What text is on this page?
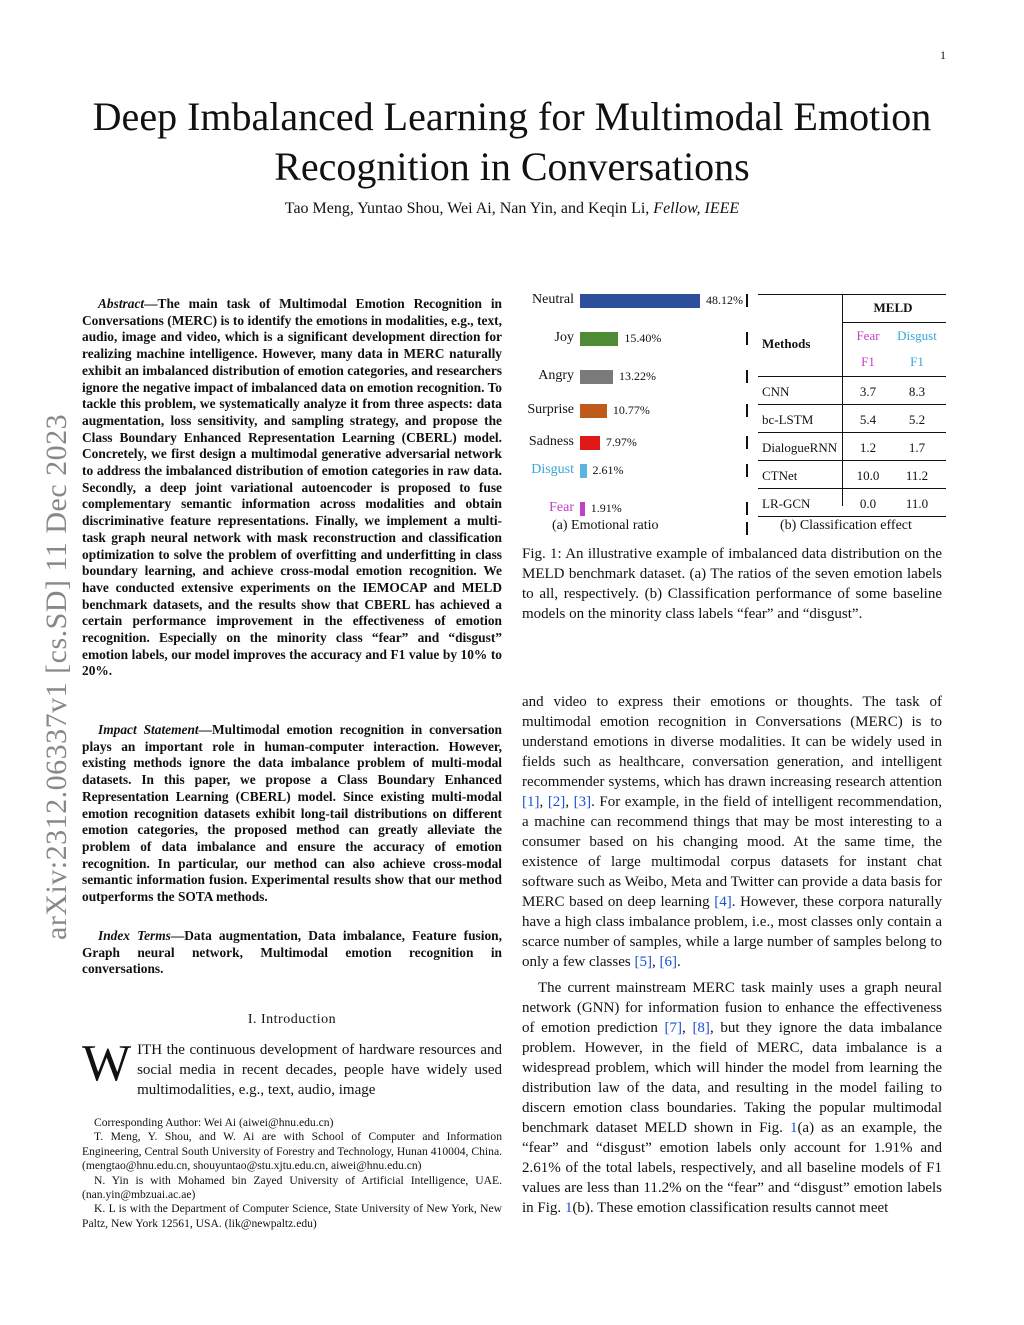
1
Deep Imbalanced Learning for Multimodal Emotion Recognition in Conversations
Tao Meng, Yuntao Shou, Wei Ai, Nan Yin, and Keqin Li, Fellow, IEEE
arXiv:2312.06337v1 [cs.SD] 11 Dec 2023

Abstract—The main task of Multimodal Emotion Recognition in Conversations (MERC) is to identify the emotions in modalities, e.g., text, audio, image and video, which is a significant development direction for realizing machine intelligence. However, many data in MERC naturally exhibit an imbalanced distribution of emotion categories, and researchers ignore the negative impact of imbalanced data on emotion recognition. To tackle this problem, we systematically analyze it from three aspects: data augmentation, loss sensitivity, and sampling strategy, and propose the Class Boundary Enhanced Representation Learning (CBERL) model. Concretely, we first design a multimodal generative adversarial network to address the imbalanced distribution of emotion categories in raw data. Secondly, a deep joint variational autoencoder is proposed to fuse complementary semantic information across modalities and obtain discriminative feature representations. Finally, we implement a multi-task graph neural network with mask reconstruction and classification optimization to solve the problem of overfitting and underfitting in class boundary learning, and achieve cross-modal emotion recognition. We have conducted extensive experiments on the IEMOCAP and MELD benchmark datasets, and the results show that CBERL has achieved a certain performance improvement in the effectiveness of emotion recognition. Especially on the minority class “fear” and “disgust” emotion labels, our model improves the accuracy and F1 value by 10% to 20%.

Impact Statement—Multimodal emotion recognition in conversation plays an important role in human-computer interaction. However, existing methods ignore the data imbalance problem of multi-modal datasets. In this paper, we propose a Class Boundary Enhanced Representation Learning (CBERL) model. Since existing multi-modal emotion recognition datasets exhibit long-tail distributions on different emotion categories, the proposed method can greatly alleviate the problem of data imbalance and ensure the accuracy of emotion recognition. In particular, our method can also achieve cross-modal semantic information fusion. Experimental results show that our method outperforms the SOTA methods.

Index Terms—Data augmentation, Data imbalance, Feature fusion, Graph neural network, Multimodal emotion recognition in conversations.

I. Introduction
WITH the continuous development of hardware resources and social media in recent decades, people have widely used multimodalities, e.g., text, audio, image

Corresponding Author: Wei Ai (aiwei@hnu.edu.cn)

T. Meng, Y. Shou, and W. Ai are with School of Computer and Information Engineering, Central South University of Forestry and Technology, Hunan 410004, China. (mengtao@hnu.edu.cn, shouyuntao@stu.xjtu.edu.cn, aiwei@hnu.edu.cn)

N. Yin is with Mohamed bin Zayed University of Artificial Intelligence, UAE. (nan.yin@mbzuai.ac.ae)

K. L is with the Department of Computer Science, State University of New York, New Paltz, New York 12561, USA. (lik@newpaltz.edu)

Neutral	48.12%
Joy	15.40%
Angry	13.22%
Surprise	10.77%
Sadness	7.97%
Disgust 2.61%
Fear 1.91%
(a) Emotional ratio
MELD
Methods
Fear	Disgust
F1	F1
CNN	3.7	8.3
bc-LSTM	5.4	5.2
DialogueRNN	1.2	1.7
CTNet	10.0	11.2
LR-GCN	0.0	11.0
(b) Classification effect
Fig. 1: An illustrative example of imbalanced data distribution on the MELD benchmark dataset. (a) The ratios of the seven emotion labels to all, respectively. (b) Classification performance of some baseline models on the minority class labels “fear” and “disgust”.

and video to express their emotions or thoughts. The task of multimodal emotion recognition in Conversations (MERC) is to understand emotions in diverse modalities. It can be widely used in fields such as healthcare, conversation generation, and intelligent recommender systems, which has drawn increasing research attention [1], [2], [3]. For example, in the field of intelligent recommendation, a machine can recommend things that may be most interesting to a consumer based on his changing mood. At the same time, the existence of large multimodal corpus datasets for instant chat software such as Weibo, Meta and Twitter can provide a data basis for MERC based on deep learning [4]. However, these corpora naturally have a high class imbalance problem, i.e., most classes only contain a scarce number of samples, while a large number of samples belong to only a few classes [5], [6].

The current mainstream MERC task mainly uses a graph neural network (GNN) for information fusion to enhance the effectiveness of emotion prediction [7], [8], but they ignore the data imbalance problem. However, in the field of MERC, data imbalance is a widespread problem, which will hinder the model from learning the distribution law of the data, and resulting in the model failing to discern emotion class boundaries. Taking the popular multimodal benchmark dataset MELD shown in Fig. 1(a) as an example, the “fear” and “disgust” emotion labels only account for 1.91% and 2.61% of the total labels, respectively, and all baseline models of F1 values are less than 11.2% on the “fear” and “disgust” emotion labels in Fig. 1(b). These emotion classification results cannot meet
